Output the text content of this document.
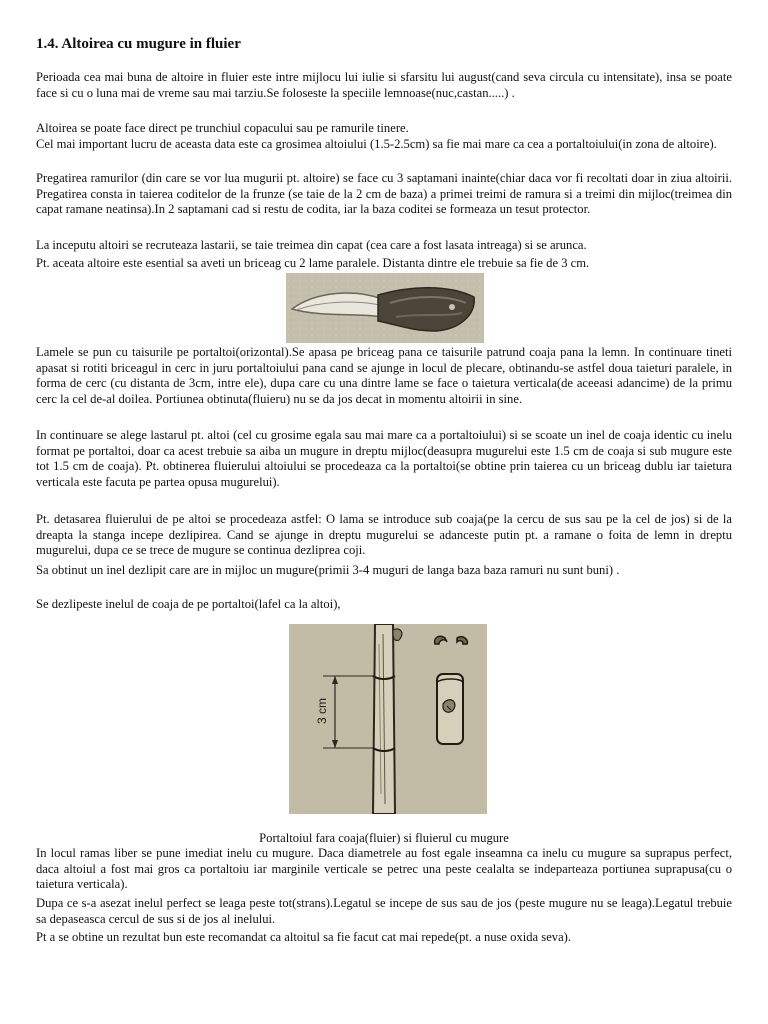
1.4. Altoirea cu mugure in fluier

Perioada cea mai buna de altoire in fluier este intre mijlocu lui iulie si sfarsitu lui august(cand seva circula cu intensitate), insa se poate face si cu o luna mai de vreme sau mai tarziu.Se foloseste la speciile lemnoase(nuc,castan.....) .

Altoirea se poate face direct pe trunchiul copacului sau pe ramurile tinere.

Cel mai important lucru de aceasta data este ca grosimea altoiului (1.5-2.5cm) sa fie mai mare ca cea a portaltoiului(in zona de altoire).

Pregatirea ramurilor (din care se vor lua mugurii pt. altoire) se face cu 3 saptamani inainte(chiar daca vor fi recoltati doar in ziua altoirii. Pregatirea consta in taierea coditelor de la frunze (se taie de la 2 cm de baza) a primei treimi de ramura si a treimi din mijloc(treimea din capat ramane neatinsa).In 2 saptamani cad si restu de codita, iar la baza coditei se formeaza un tesut protector.

La inceputu altoiri se recruteaza lastarii, se taie treimea din capat (cea care a fost lasata intreaga) si se arunca.

Pt. aceata altoire este esential sa aveti un briceag cu 2 lame paralele. Distanta dintre ele trebuie sa fie de 3 cm.

Lamele se pun cu taisurile pe portaltoi(orizontal).Se apasa pe briceag pana ce taisurile patrund coaja pana la lemn. In continuare tineti apasat si rotiti briceagul in cerc in juru portaltoiului pana cand se ajunge in locul de plecare, obtinandu-se astfel doua taieturi paralele, in forma de cerc (cu distanta de 3cm, intre ele), dupa care cu una dintre lame se face o taietura verticala(de aceeasi adancime) de la primu cerc la cel de-al doilea. Portiunea obtinuta(fluieru) nu se da jos decat in momentu altoirii in sine.

In continuare se alege lastarul pt. altoi (cel cu grosime egala sau mai mare ca a portaltoiului) si se scoate un inel de coaja identic cu inelu format pe portaltoi, doar ca acest trebuie sa aiba un mugure in dreptu mijloc(deasupra mugurelui este 1.5 cm de coaja si sub mugure este tot 1.5 cm de coaja). Pt. obtinerea fluierului altoiului se procedeaza ca la portaltoi(se obtine prin taierea cu un briceag dublu iar taietura verticala este facuta pe partea opusa mugurelui).

Pt. detasarea fluierului de pe altoi se procedeaza astfel: O lama se introduce sub coaja(pe la cercu de sus sau pe la cel de jos) si de la dreapta la stanga incepe dezlipirea. Cand se ajunge in dreptu mugurelui se adanceste putin pt. a ramane o foita de lemn in dreptu mugurelui, dupa ce se trece de mugure se continua dezliprea coji.

Sa obtinut un inel dezlipit care are in mijloc un mugure(primii 3-4 muguri de langa baza baza ramuri nu sunt buni) .

Se dezlipeste inelul de coaja de pe portaltoi(lafel ca la altoi),

3 cm
Portaltoiul fara coaja(fluier) si fluierul cu mugure

In locul ramas liber se pune imediat inelu cu mugure. Daca diametrele au fost egale inseamna ca inelu cu mugure sa suprapus perfect, daca altoiul a fost mai gros ca portaltoiu iar marginile verticale se petrec una peste cealalta se indeparteaza portiunea suprapusa(cu o taietura verticala).

Dupa ce s-a asezat inelul perfect se leaga peste tot(strans).Legatul se incepe de sus sau de jos (peste mugure nu se leaga).Legatul trebuie sa depaseasca cercul de sus si de jos al inelului.

Pt a se obtine un rezultat bun este recomandat ca altoitul sa fie facut cat mai repede(pt. a nuse oxida seva).
